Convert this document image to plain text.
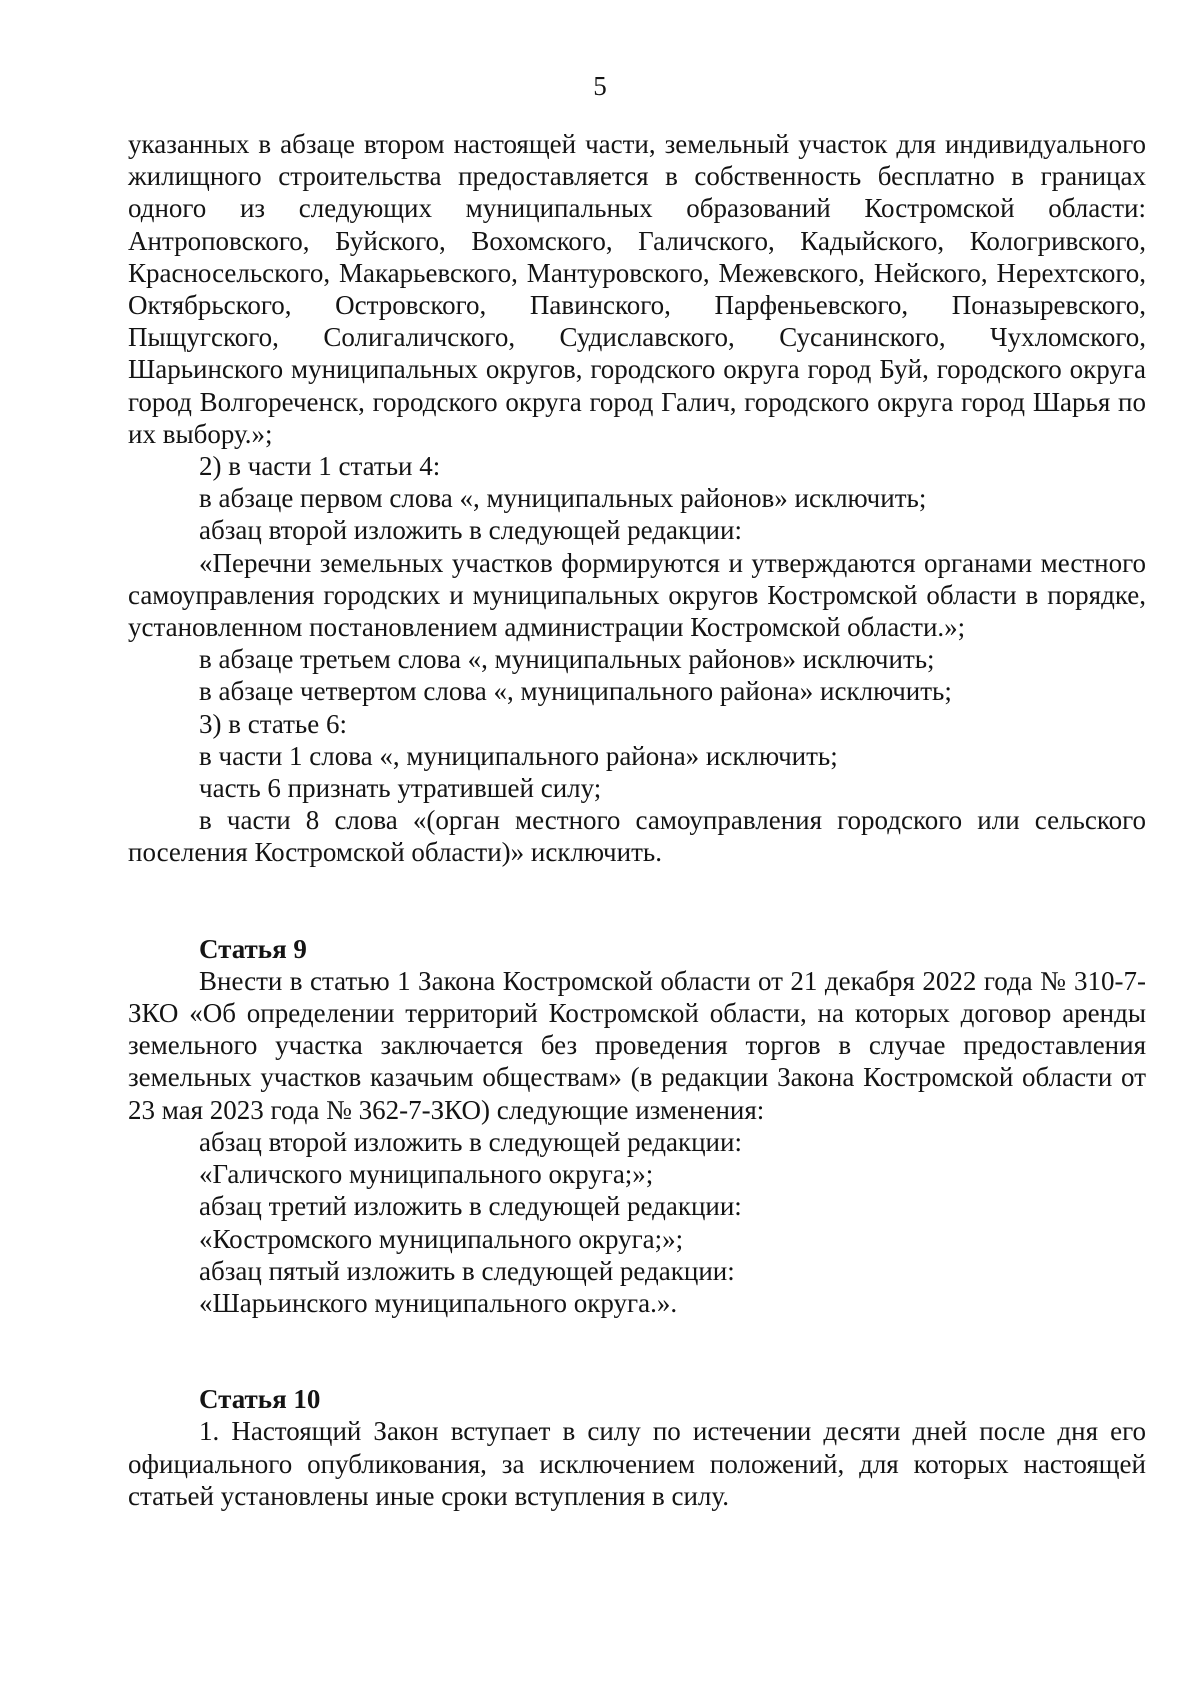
5

указанных в абзаце втором настоящей части, земельный участок для индивидуального жилищного строительства предоставляется в собственность бесплатно в границах одного из следующих муниципальных образований Костромской области: Антроповского, Буйского, Вохомского, Галичского, Кадыйского, Кологривского, Красносельского, Макарьевского, Мантуровского, Межевского, Нейского, Нерехтского, Октябрьского, Островского, Павинского, Парфеньевского, Поназыревского, Пыщугского, Солигаличского, Судиславского, Сусанинского, Чухломского, Шарьинского муниципальных округов, городского округа город Буй, городского округа город Волгореченск, городского округа город Галич, городского округа город Шарья по их выбору.»;

2) в части 1 статьи 4:

в абзаце первом слова «, муниципальных районов» исключить;

абзац второй изложить в следующей редакции:

«Перечни земельных участков формируются и утверждаются органами местного самоуправления городских и муниципальных округов Костромской области в порядке, установленном постановлением администрации Костромской области.»;

в абзаце третьем слова «, муниципальных районов» исключить;

в абзаце четвертом слова «, муниципального района» исключить;

3) в статье 6:

в части 1 слова «, муниципального района» исключить;

часть 6 признать утратившей силу;

в части 8 слова «(орган местного самоуправления городского или сельского поселения Костромской области)» исключить.

Статья 9

Внести в статью 1 Закона Костромской области от 21 декабря 2022 года № 310-7-ЗКО «Об определении территорий Костромской области, на которых договор аренды земельного участка заключается без проведения торгов в случае предоставления земельных участков казачьим обществам» (в редакции Закона Костромской области от 23 мая 2023 года № 362-7-ЗКО) следующие изменения:

абзац второй изложить в следующей редакции:

«Галичского муниципального округа;»;

абзац третий изложить в следующей редакции:

«Костромского муниципального округа;»;

абзац пятый изложить в следующей редакции:

«Шарьинского муниципального округа.».

Статья 10

1. Настоящий Закон вступает в силу по истечении десяти дней после дня его официального опубликования, за исключением положений, для которых настоящей статьей установлены иные сроки вступления в силу.
